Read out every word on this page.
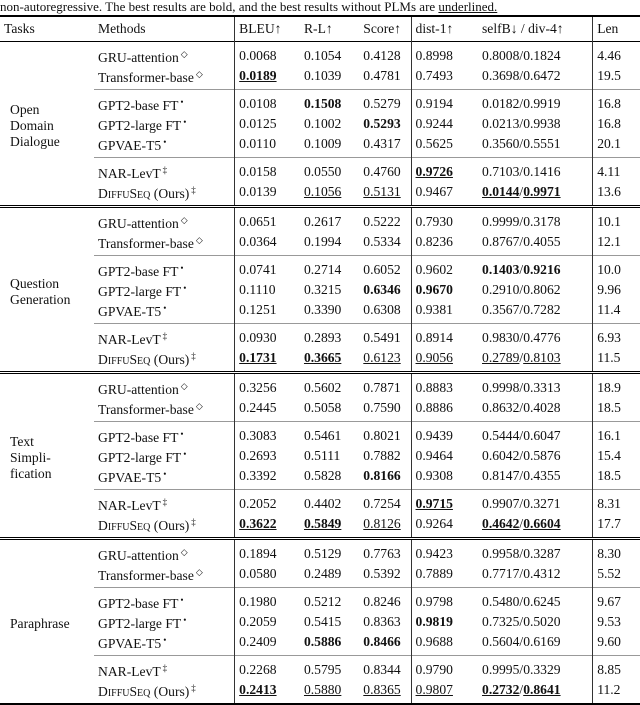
non-autoregressive. The best results are bold, and the best results without PLMs are underlined.
Tasks	Methods	BLEU↑	R-L↑	Score↑	dist-1↑	selfB↓ / div-4↑	Len

Open Domain Dialogue	GRU-attention ◇	0.0068	0.1054	0.4128	0.8998	0.8008/0.1824	4.46
	Transformer-base ◇	0.0189	0.1039	0.4781	0.7493	0.3698/0.6472	19.5
	GPT2-base FT •	0.0108	0.1508	0.5279	0.9194	0.0182/0.9919	16.8
	GPT2-large FT •	0.0125	0.1002	0.5293	0.9244	0.0213/0.9938	16.8
	GPVAE-T5 •	0.0110	0.1009	0.4317	0.5625	0.3560/0.5551	20.1
	NAR-LevT ‡	0.0158	0.0550	0.4760	0.9726	0.7103/0.1416	4.11
	DiffuSeq (Ours) ‡	0.0139	0.1056	0.5131	0.9467	0.0144/0.9971	13.6

Question Generation	GRU-attention ◇	0.0651	0.2617	0.5222	0.7930	0.9999/0.3178	10.1
	Transformer-base ◇	0.0364	0.1994	0.5334	0.8236	0.8767/0.4055	12.1
	GPT2-base FT •	0.0741	0.2714	0.6052	0.9602	0.1403/0.9216	10.0
	GPT2-large FT •	0.1110	0.3215	0.6346	0.9670	0.2910/0.8062	9.96
	GPVAE-T5 •	0.1251	0.3390	0.6308	0.9381	0.3567/0.7282	11.4
	NAR-LevT ‡	0.0930	0.2893	0.5491	0.8914	0.9830/0.4776	6.93
	DiffuSeq (Ours) ‡	0.1731	0.3665	0.6123	0.9056	0.2789/0.8103	11.5

Text Simpli- fication	GRU-attention ◇	0.3256	0.5602	0.7871	0.8883	0.9998/0.3313	18.9
	Transformer-base ◇	0.2445	0.5058	0.7590	0.8886	0.8632/0.4028	18.5
	GPT2-base FT •	0.3083	0.5461	0.8021	0.9439	0.5444/0.6047	16.1
	GPT2-large FT •	0.2693	0.5111	0.7882	0.9464	0.6042/0.5876	15.4
	GPVAE-T5 •	0.3392	0.5828	0.8166	0.9308	0.8147/0.4355	18.5
	NAR-LevT ‡	0.2052	0.4402	0.7254	0.9715	0.9907/0.3271	8.31
	DiffuSeq (Ours) ‡	0.3622	0.5849	0.8126	0.9264	0.4642/0.6604	17.7

Paraphrase	GRU-attention ◇	0.1894	0.5129	0.7763	0.9423	0.9958/0.3287	8.30
	Transformer-base ◇	0.0580	0.2489	0.5392	0.7889	0.7717/0.4312	5.52
	GPT2-base FT •	0.1980	0.5212	0.8246	0.9798	0.5480/0.6245	9.67
	GPT2-large FT •	0.2059	0.5415	0.8363	0.9819	0.7325/0.5020	9.53
	GPVAE-T5 •	0.2409	0.5886	0.8466	0.9688	0.5604/0.6169	9.60
	NAR-LevT ‡	0.2268	0.5795	0.8344	0.9790	0.9995/0.3329	8.85
	DiffuSeq (Ours) ‡	0.2413	0.5880	0.8365	0.9807	0.2732/0.8641	11.2
